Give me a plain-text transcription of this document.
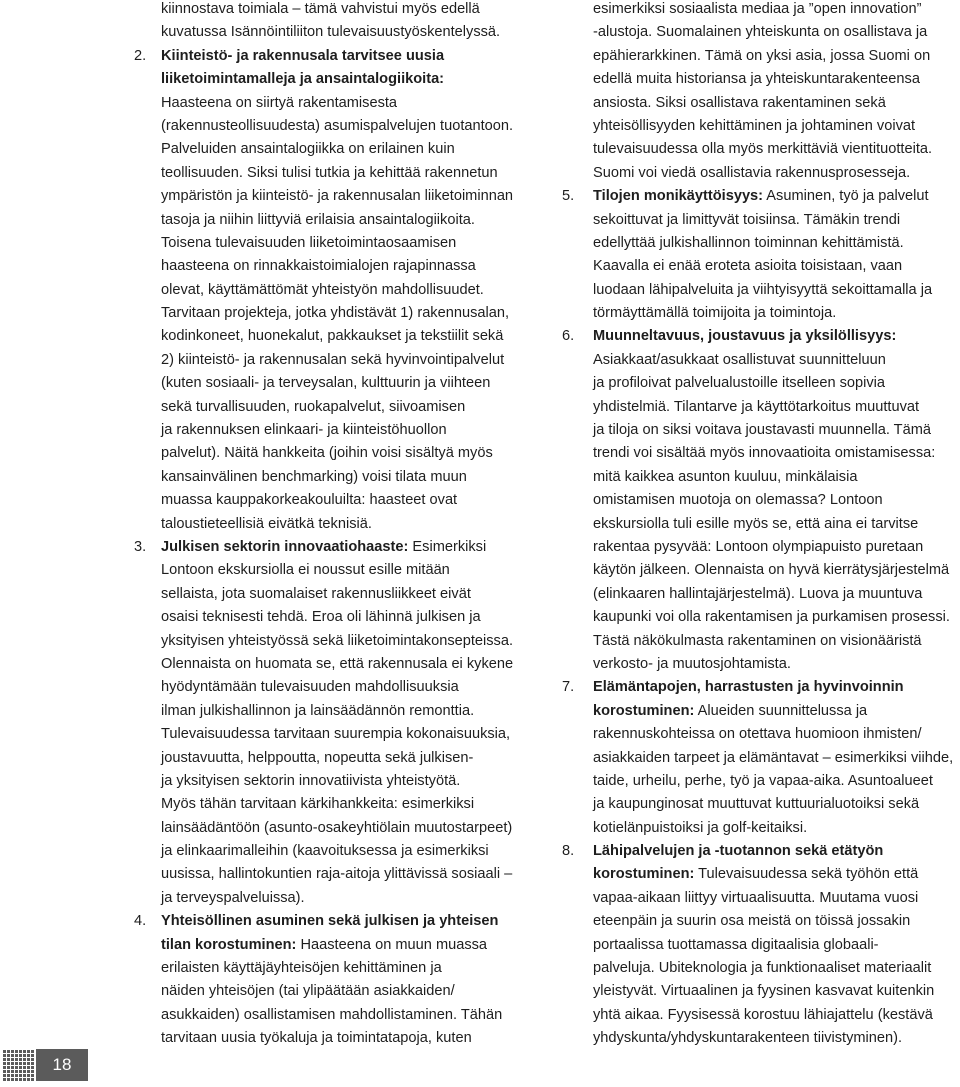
kiinnostava toimiala – tämä vahvistui myös edellä
kuvatussa Isännöintiliiton tulevaisuustyöskentelyssä.
2. Kiinteistö- ja rakennusala tarvitsee uusia
liiketoimintamalleja ja ansaintalogiikoita:
Haasteena on siirtyä rakentamisesta
(rakennusteollisuudesta) asumispalvelujen tuotantoon.
Palveluiden ansaintalogiikka on erilainen kuin
teollisuuden. Siksi tulisi tutkia ja kehittää rakennetun
ympäristön ja kiinteistö- ja rakennusalan liiketoiminnan
tasoja ja niihin liittyviä erilaisia ansaintalogiikoita.
Toisena tulevaisuuden liiketoimintaosaamisen
haasteena on rinnakkaistoimialojen rajapinnassa
olevat, käyttämättömät yhteistyön mahdollisuudet.
Tarvitaan projekteja, jotka yhdistävät 1) rakennusalan,
kodinkoneet, huonekalut, pakkaukset ja tekstiilit sekä
2) kiinteistö- ja rakennusalan sekä hyvinvointipalvelut
(kuten sosiaali- ja terveysalan, kulttuurin ja viihteen
sekä turvallisuuden, ruokapalvelut, siivoamisen
ja rakennuksen elinkaari- ja kiinteistöhuollon
palvelut). Näitä hankkeita (joihin voisi sisältyä myös
kansainvälinen benchmarking) voisi tilata muun
muassa kauppakorkeakouluilta: haasteet ovat
taloustieteellisiä eivätkä teknisiä.
3. Julkisen sektorin innovaatiohaaste: Esimerkiksi
Lontoon ekskursiolla ei noussut esille mitään
sellaista, jota suomalaiset rakennusliikkeet eivät
osaisi teknisesti tehdä. Eroa oli lähinnä julkisen ja
yksityisen yhteistyössä sekä liiketoimintakonsepteissa.
Olennaista on huomata se, että rakennusala ei kykene
hyödyntämään tulevaisuuden mahdollisuuksia
ilman julkishallinnon ja lainsäädännön remonttia.
Tulevaisuudessa tarvitaan suurempia kokonaisuuksia,
joustavuutta, helppoutta, nopeutta sekä julkisen-
ja yksityisen sektorin innovatiivista yhteistyötä.
Myös tähän tarvitaan kärkihankkeita: esimerkiksi
lainsäädäntöön (asunto-osakeyhtiölain muutostarpeet)
ja elinkaarimalleihin (kaavoituksessa ja esimerkiksi
uusissa, hallintokuntien raja-aitoja ylittävissä sosiaali –
ja terveyspalveluissa).
4. Yhteisöllinen asuminen sekä julkisen ja yhteisen
tilan korostuminen: Haasteena on muun muassa
erilaisten käyttäjäyhteisöjen kehittäminen ja
näiden yhteisöjen (tai ylipäätään asiakkaiden/
asukkaiden) osallistamisen mahdollistaminen. Tähän
tarvitaan uusia työkaluja ja toimintatapoja, kuten
esimerkiksi sosiaalista mediaa ja ”open innovation”
-alustoja. Suomalainen yhteiskunta on osallistava ja
epähierarkkinen. Tämä on yksi asia, jossa Suomi on
edellä muita historiansa ja yhteiskuntarakenteensa
ansiosta. Siksi osallistava rakentaminen sekä
yhteisöllisyyden kehittäminen ja johtaminen voivat
tulevaisuudessa olla myös merkittäviä vientituotteita.
Suomi voi viedä osallistavia rakennusprosesseja.
5. Tilojen monikäyttöisyys: Asuminen, työ ja palvelut
sekoittuvat ja limittyvät toisiinsa. Tämäkin trendi
edellyttää julkishallinnon toiminnan kehittämistä.
Kaavalla ei enää eroteta asioita toisistaan, vaan
luodaan lähipalveluita ja viihtyisyyttä sekoittamalla ja
törmäyttämällä toimijoita ja toimintoja.
6. Muunneltavuus, joustavuus ja yksilöllisyys:
Asiakkaat/asukkaat osallistuvat suunnitteluun
ja profiloivat palvelualustoille itselleen sopivia
yhdistelmiä. Tilantarve ja käyttötarkoitus muuttuvat
ja tiloja on siksi voitava joustavasti muunnella. Tämä
trendi voi sisältää myös innovaatioita omistamisessa:
mitä kaikkea asunton kuuluu, minkälaisia
omistamisen muotoja on olemassa? Lontoon
ekskursiolla tuli esille myös se, että aina ei tarvitse
rakentaa pysyvää: Lontoon olympiapuisto puretaan
käytön jälkeen. Olennaista on hyvä kierrätysjärjestelmä
(elinkaaren hallintajärjestelmä). Luova ja muuntuva
kaupunki voi olla rakentamisen ja purkamisen prosessi.
Tästä näkökulmasta rakentaminen on visionääristä
verkosto- ja muutosjohtamista.
7. Elämäntapojen, harrastusten ja hyvinvoinnin
korostuminen: Alueiden suunnittelussa ja
rakennuskohteissa on otettava huomioon ihmisten/
asiakkaiden tarpeet ja elämäntavat – esimerkiksi viihde,
taide, urheilu, perhe, työ ja vapaa-aika. Asuntoalueet
ja kaupunginosat muuttuvat kuttuurialuotoiksi sekä
kotielänpuistoiksi ja golf-keitaiksi.
8. Lähipalvelujen ja -tuotannon sekä etätyön
korostuminen: Tulevaisuudessa sekä työhön että
vapaa-aikaan liittyy virtuaalisuutta. Muutama vuosi
eteenpäin ja suurin osa meistä on töissä jossakin
portaalissa tuottamassa digitaalisia globaali-
palveluja. Ubiteknologia ja funktionaaliset materiaalit
yleistyvät. Virtuaalinen ja fyysinen kasvavat kuitenkin
yhtä aikaa. Fyysisessä korostuu lähiajattelu (kestävä
yhdyskunta/yhdyskuntarakenteen tiivistyminen).
18
